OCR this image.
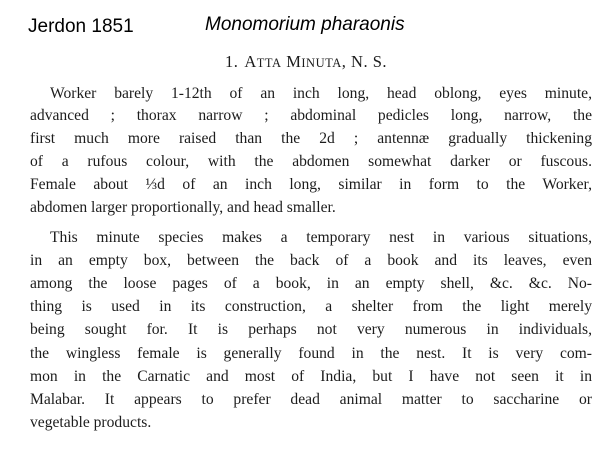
Jerdon 1851	Monomorium pharaonis
1. ATTA MINUTA, N. S.
Worker barely 1-12th of an inch long, head oblong, eyes minute,
advanced ; thorax narrow ; abdominal pedicles long, narrow, the
first much more raised than the 2d ; antennæ gradually thickening
of a rufous colour, with the abdomen somewhat darker or fuscous.
Female about ⅓d of an inch long, similar in form to the Worker,
abdomen larger proportionally, and head smaller.
This minute species makes a temporary nest in various situations,
in an empty box, between the back of a book and its leaves, even
among the loose pages of a book, in an empty shell, &c. &c. No-
thing is used in its construction, a shelter from the light merely
being sought for. It is perhaps not very numerous in individuals,
the wingless female is generally found in the nest. It is very com-
mon in the Carnatic and most of India, but I have not seen it in
Malabar. It appears to prefer dead animal matter to saccharine or
vegetable products.
